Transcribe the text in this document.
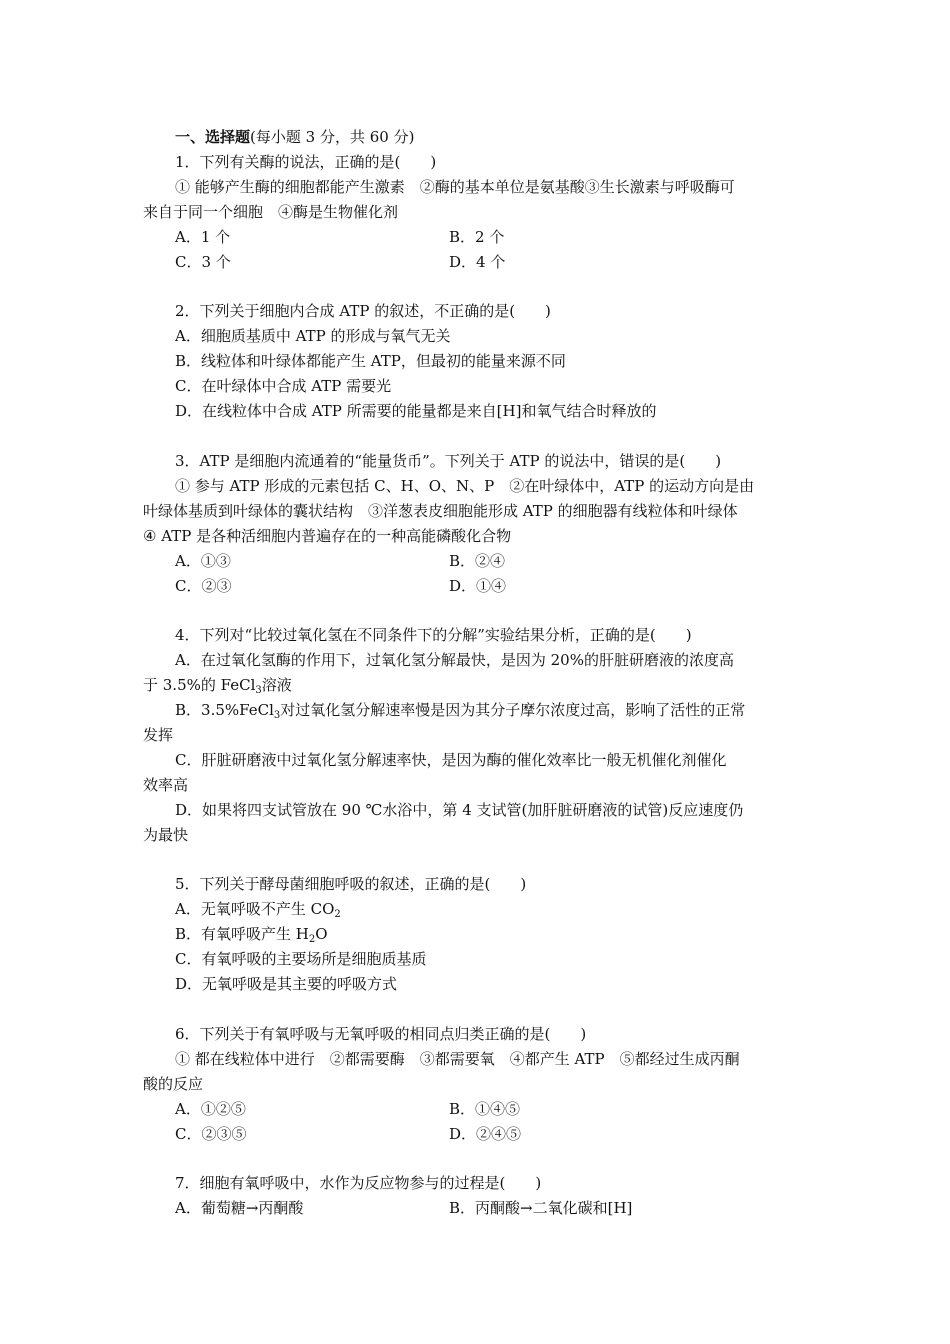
一、选择题(每小题 3 分，共 60 分)
1．下列有关酶的说法，正确的是(　　)
① 能够产生酶的细胞都能产生激素　②酶的基本单位是氨基酸③生长激素与呼吸酶可
来自于同一个细胞　④酶是生物催化剂
A．1 个	B．2 个
C．3 个	D．4 个
2．下列关于细胞内合成 ATP 的叙述，不正确的是(　　)
A．细胞质基质中 ATP 的形成与氧气无关
B．线粒体和叶绿体都能产生 ATP，但最初的能量来源不同
C．在叶绿体中合成 ATP 需要光
D．在线粒体中合成 ATP 所需要的能量都是来自[H]和氧气结合时释放的
3．ATP 是细胞内流通着的“能量货币”。下列关于 ATP 的说法中，错误的是(　　)
① 参与 ATP 形成的元素包括 C、H、O、N、P　②在叶绿体中，ATP 的运动方向是由
叶绿体基质到叶绿体的囊状结构　③洋葱表皮细胞能形成 ATP 的细胞器有线粒体和叶绿体
④ ATP 是各种活细胞内普遍存在的一种高能磷酸化合物
A．①③	B．②④
C．②③	D．①④
4．下列对“比较过氧化氢在不同条件下的分解”实验结果分析，正确的是(　　)
A．在过氧化氢酶的作用下，过氧化氢分解最快，是因为 20%的肝脏研磨液的浓度高
于 3.5%的 FeCl$_3$溶液
B．3.5%FeCl$_3$对过氧化氢分解速率慢是因为其分子摩尔浓度过高，影响了活性的正常
发挥
C．肝脏研磨液中过氧化氢分解速率快，是因为酶的催化效率比一般无机催化剂催化
效率高
D．如果将四支试管放在 90 ℃水浴中，第 4 支试管(加肝脏研磨液的试管)反应速度仍
为最快
5．下列关于酵母菌细胞呼吸的叙述，正确的是(　　)
A．无氧呼吸不产生 $CO_2$
B．有氧呼吸产生 $H_2O$
C．有氧呼吸的主要场所是细胞质基质
D．无氧呼吸是其主要的呼吸方式
6．下列关于有氧呼吸与无氧呼吸的相同点归类正确的是(　　)
① 都在线粒体中进行　②都需要酶　③都需要氧　④都产生 ATP　⑤都经过生成丙酮
酸的反应
A．①②⑤	B．①④⑤
C．②③⑤	D．②④⑤
7．细胞有氧呼吸中，水作为反应物参与的过程是(　　)
A．葡萄糖→丙酮酸	B．丙酮酸→二氧化碳和[H]
